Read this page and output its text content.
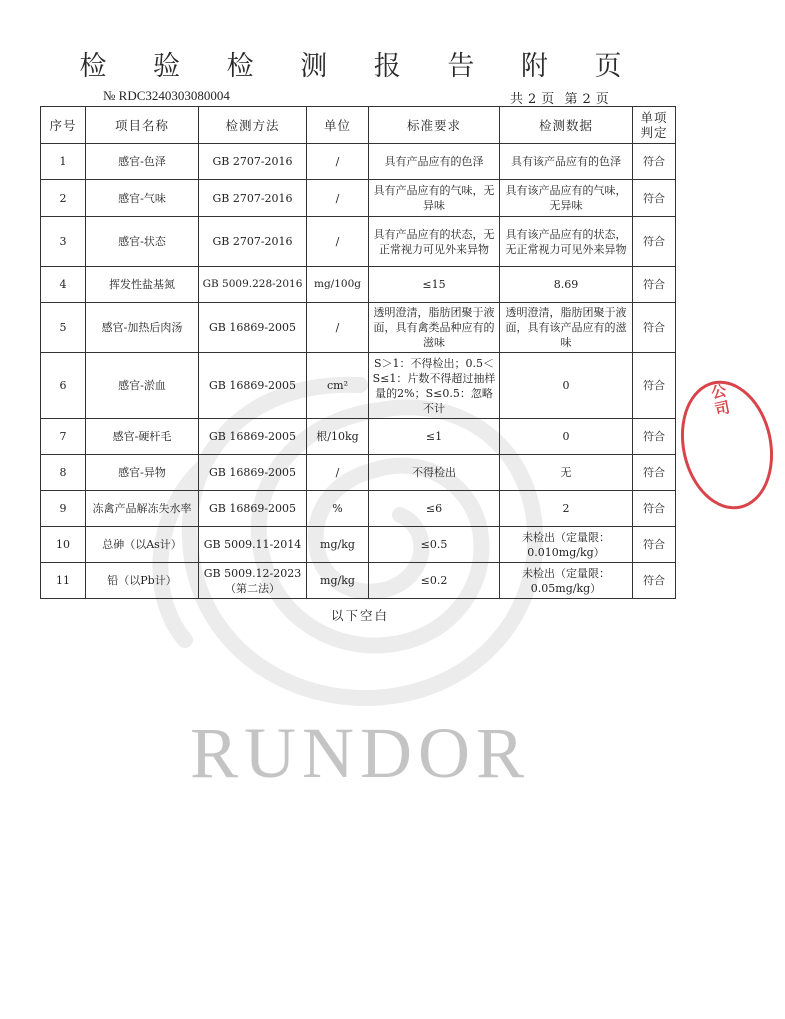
RUNDOR
公司
检 验 检 测 报 告 附 页
№ RDC3240303080004	共 2 页 第 2 页
序号	项目名称	检测方法	单位	标准要求	检测数据	单项判定
1	感官-色泽	GB 2707-2016	/	具有产品应有的色泽	具有该产品应有的色泽	符合
2	感官-气味	GB 2707-2016	/	具有产品应有的气味，无异味	具有该产品应有的气味，无异味	符合
3	感官-状态	GB 2707-2016	/	具有产品应有的状态，无正常视力可见外来异物	具有该产品应有的状态，无正常视力可见外来异物	符合
4	挥发性盐基氮	GB 5009.228-2016	mg/100g	≤15	8.69	符合
5	感官-加热后肉汤	GB 16869-2005	/	透明澄清，脂肪团聚于液面，具有禽类品种应有的滋味	透明澄清，脂肪团聚于液面，具有该产品应有的滋味	符合
6	感官-淤血	GB 16869-2005	cm²	S＞1：不得检出；0.5＜S≤1：片数不得超过抽样量的2%；S≤0.5：忽略不计	0	符合
7	感官-硬杆毛	GB 16869-2005	根/10kg	≤1	0	符合
8	感官-异物	GB 16869-2005	/	不得检出	无	符合
9	冻禽产品解冻失水率	GB 16869-2005	%	≤6	2	符合
10	总砷（以As计）	GB 5009.11-2014	mg/kg	≤0.5	未检出（定量限：0.010mg/kg）	符合
11	铅（以Pb计）	GB 5009.12-2023（第二法）	mg/kg	≤0.2	未检出（定量限：0.05mg/kg）	符合
以下空白
